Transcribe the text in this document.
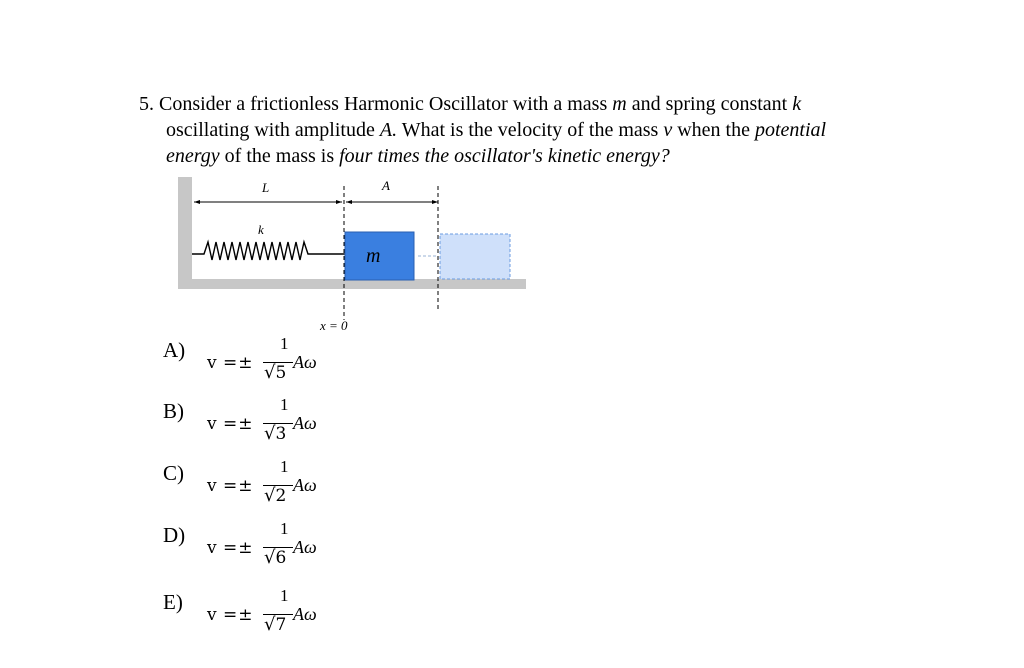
5. Consider a frictionless Harmonic Oscillator with a mass m and spring constant k
oscillating with amplitude A. What is the velocity of the mass v when the potential
energy of the mass is four times the oscillator's kinetic energy?
L	A
k
m
x = 0
A)
v =±
1
√5
Aω
B)
v =±
1
√3
Aω
C)
v =±
1
√2
Aω
D)
v =±
1
√6
Aω
E)
v =±
1
√7
Aω
